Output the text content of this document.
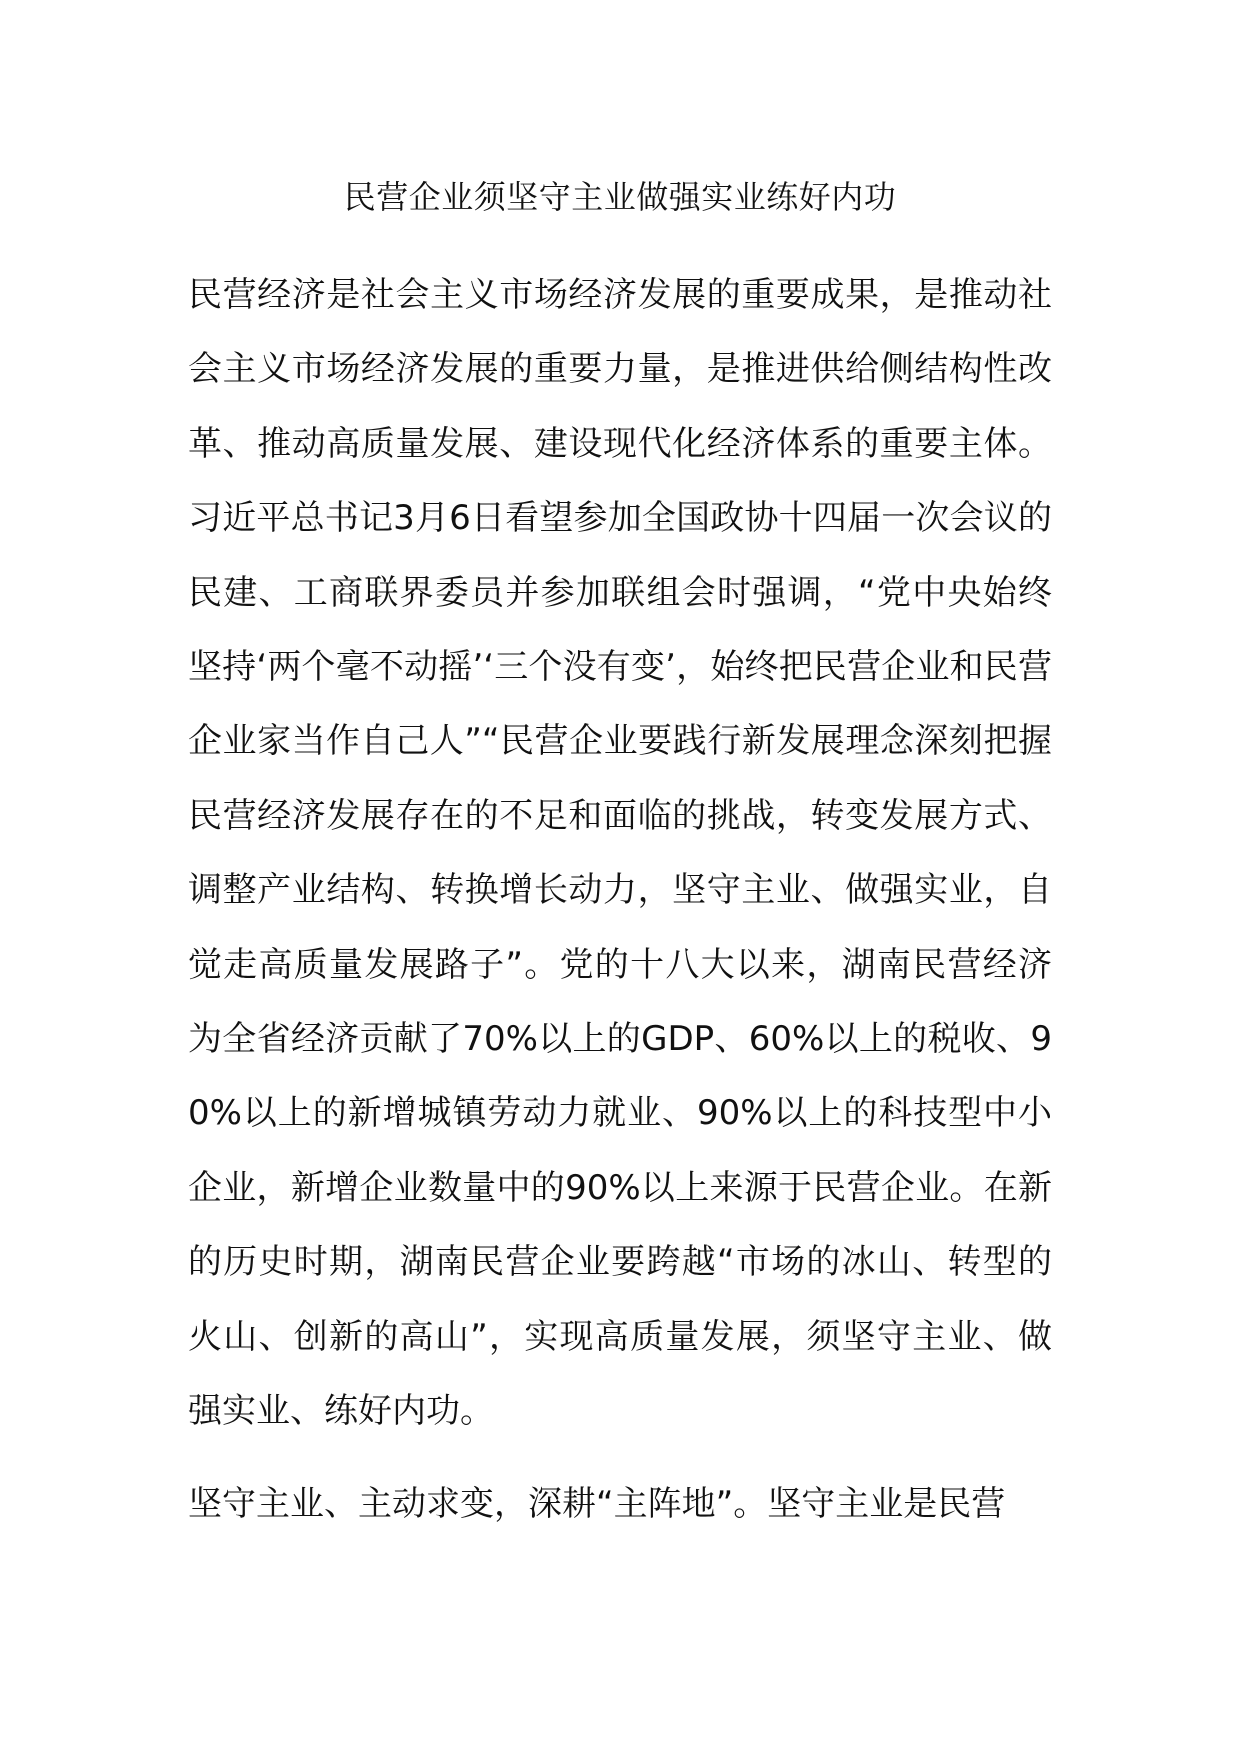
民营企业须坚守主业做强实业练好内功

民营经济是社会主义市场经济发展的重要成果，是推动社会主义市场经济发展的重要力量，是推进供给侧结构性改革、推动高质量发展、建设现代化经济体系的重要主体。习近平总书记3月6日看望参加全国政协十四届一次会议的民建、工商联界委员并参加联组会时强调，“党中央始终坚持‘两个毫不动摇’‘三个没有变’，始终把民营企业和民营企业家当作自己人”“民营企业要践行新发展理念深刻把握民营经济发展存在的不足和面临的挑战，转变发展方式、调整产业结构、转换增长动力，坚守主业、做强实业，自觉走高质量发展路子”。党的十八大以来，湖南民营经济为全省经济贡献了70%以上的GDP、60%以上的税收、90%以上的新增城镇劳动力就业、90%以上的科技型中小企业，新增企业数量中的90%以上来源于民营企业。在新的历史时期，湖南民营企业要跨越“市场的冰山、转型的火山、创新的高山”，实现高质量发展，须坚守主业、做强实业、练好内功。

坚守主业、主动求变，深耕“主阵地”。坚守主业是民营
